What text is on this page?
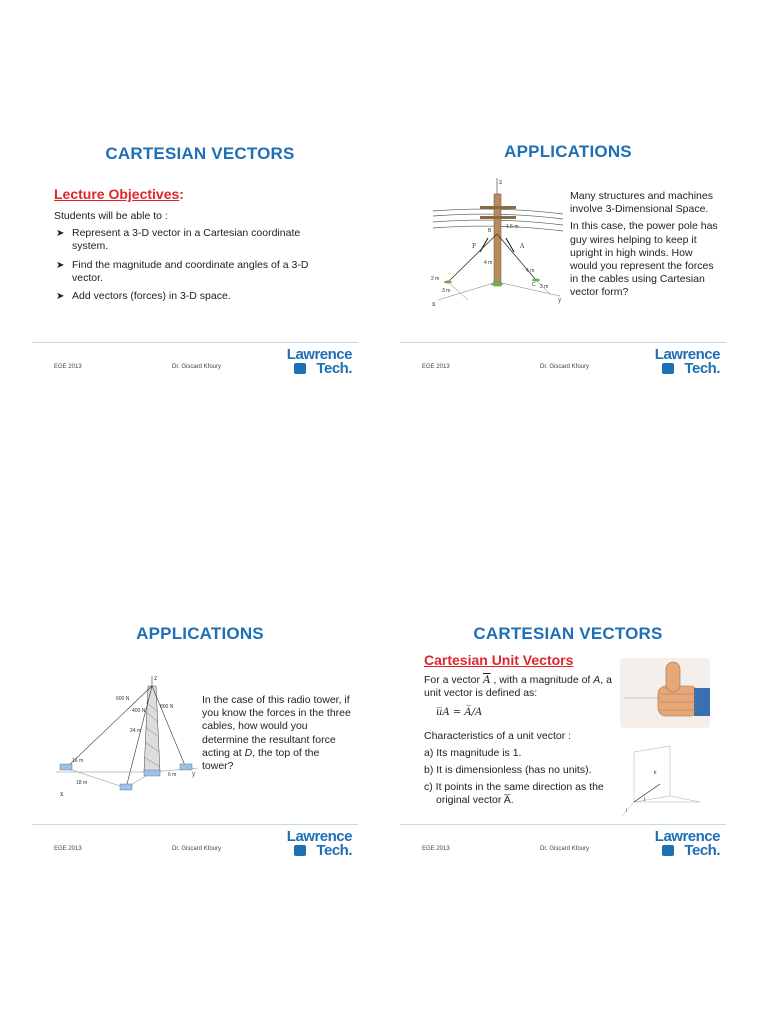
CARTESIAN VECTORS
Lecture Objectives:
Students will be able to :
➤ Represent a 3-D vector in a Cartesian coordinate system.
➤ Find the magnitude and coordinate angles of a 3-D vector.
➤ Add vectors (forces) in 3-D space.
EGE 2013	Dr. Giscard Kfoury
Lawrence
Tech.
APPLICATIONS
z
F	A
B
1.5 m
4 m
2 m
3 m
4 m
2 m
C
x
y

Many structures and machines involve 3-Dimensional Space.

In this case, the power pole has guy wires helping to keep it upright in high winds. How would you represent the forces in the cables using Cartesian vector form?

EGE 2013	Dr. Giscard Kfoury
Lawrence
Tech.
APPLICATIONS
z
600 N
400 N
800 N
24 m
16 m
18 m
6 m
x
y
In the case of this radio tower, if you know the forces in the three cables, how would you determine the resultant force acting at D, the top of the tower?
EGE 2013	Dr. Giscard Kfoury
Lawrence
Tech.
CARTESIAN VECTORS
Cartesian Unit Vectors
For a vector $\overline{A}$ , with a magnitude of A, a unit vector is defined as:
u̅A = A̅/A
Characteristics of a unit vector :
a) Its magnitude is 1.
b) It is dimensionless (has no units).
c) It points in the same direction as the original vector A̅.
k
j
i
EGE 2013	Dr. Giscard Kfoury
Lawrence
Tech.
